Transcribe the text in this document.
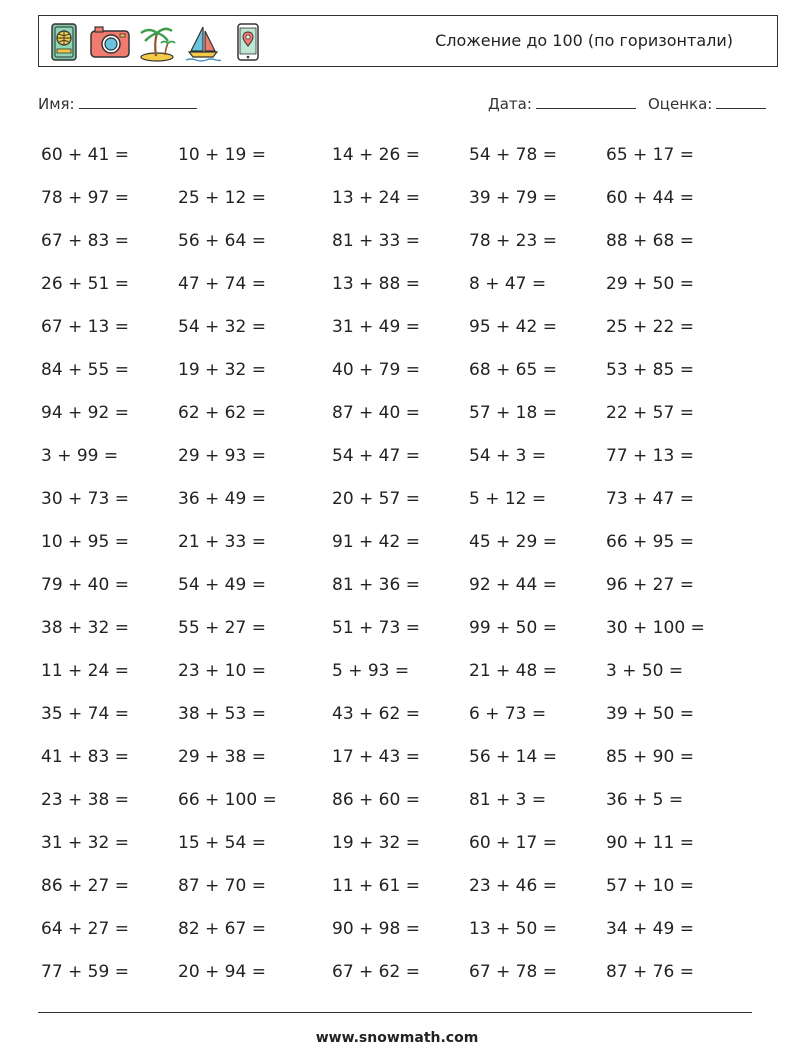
Сложение до 100 (по горизонтали)
Имя:	Дата:	Оценка:
60 + 41 =	10 + 19 =	14 + 26 =	54 + 78 =	65 + 17 =
78 + 97 =	25 + 12 =	13 + 24 =	39 + 79 =	60 + 44 =
67 + 83 =	56 + 64 =	81 + 33 =	78 + 23 =	88 + 68 =
26 + 51 =	47 + 74 =	13 + 88 =	8 + 47 =	29 + 50 =
67 + 13 =	54 + 32 =	31 + 49 =	95 + 42 =	25 + 22 =
84 + 55 =	19 + 32 =	40 + 79 =	68 + 65 =	53 + 85 =
94 + 92 =	62 + 62 =	87 + 40 =	57 + 18 =	22 + 57 =
3 + 99 =	29 + 93 =	54 + 47 =	54 + 3 =	77 + 13 =
30 + 73 =	36 + 49 =	20 + 57 =	5 + 12 =	73 + 47 =
10 + 95 =	21 + 33 =	91 + 42 =	45 + 29 =	66 + 95 =
79 + 40 =	54 + 49 =	81 + 36 =	92 + 44 =	96 + 27 =
38 + 32 =	55 + 27 =	51 + 73 =	99 + 50 =	30 + 100 =
11 + 24 =	23 + 10 =	5 + 93 =	21 + 48 =	3 + 50 =
35 + 74 =	38 + 53 =	43 + 62 =	6 + 73 =	39 + 50 =
41 + 83 =	29 + 38 =	17 + 43 =	56 + 14 =	85 + 90 =
23 + 38 =	66 + 100 =	86 + 60 =	81 + 3 =	36 + 5 =
31 + 32 =	15 + 54 =	19 + 32 =	60 + 17 =	90 + 11 =
86 + 27 =	87 + 70 =	11 + 61 =	23 + 46 =	57 + 10 =
64 + 27 =	82 + 67 =	90 + 98 =	13 + 50 =	34 + 49 =
77 + 59 =	20 + 94 =	67 + 62 =	67 + 78 =	87 + 76 =
www.snowmath.com
